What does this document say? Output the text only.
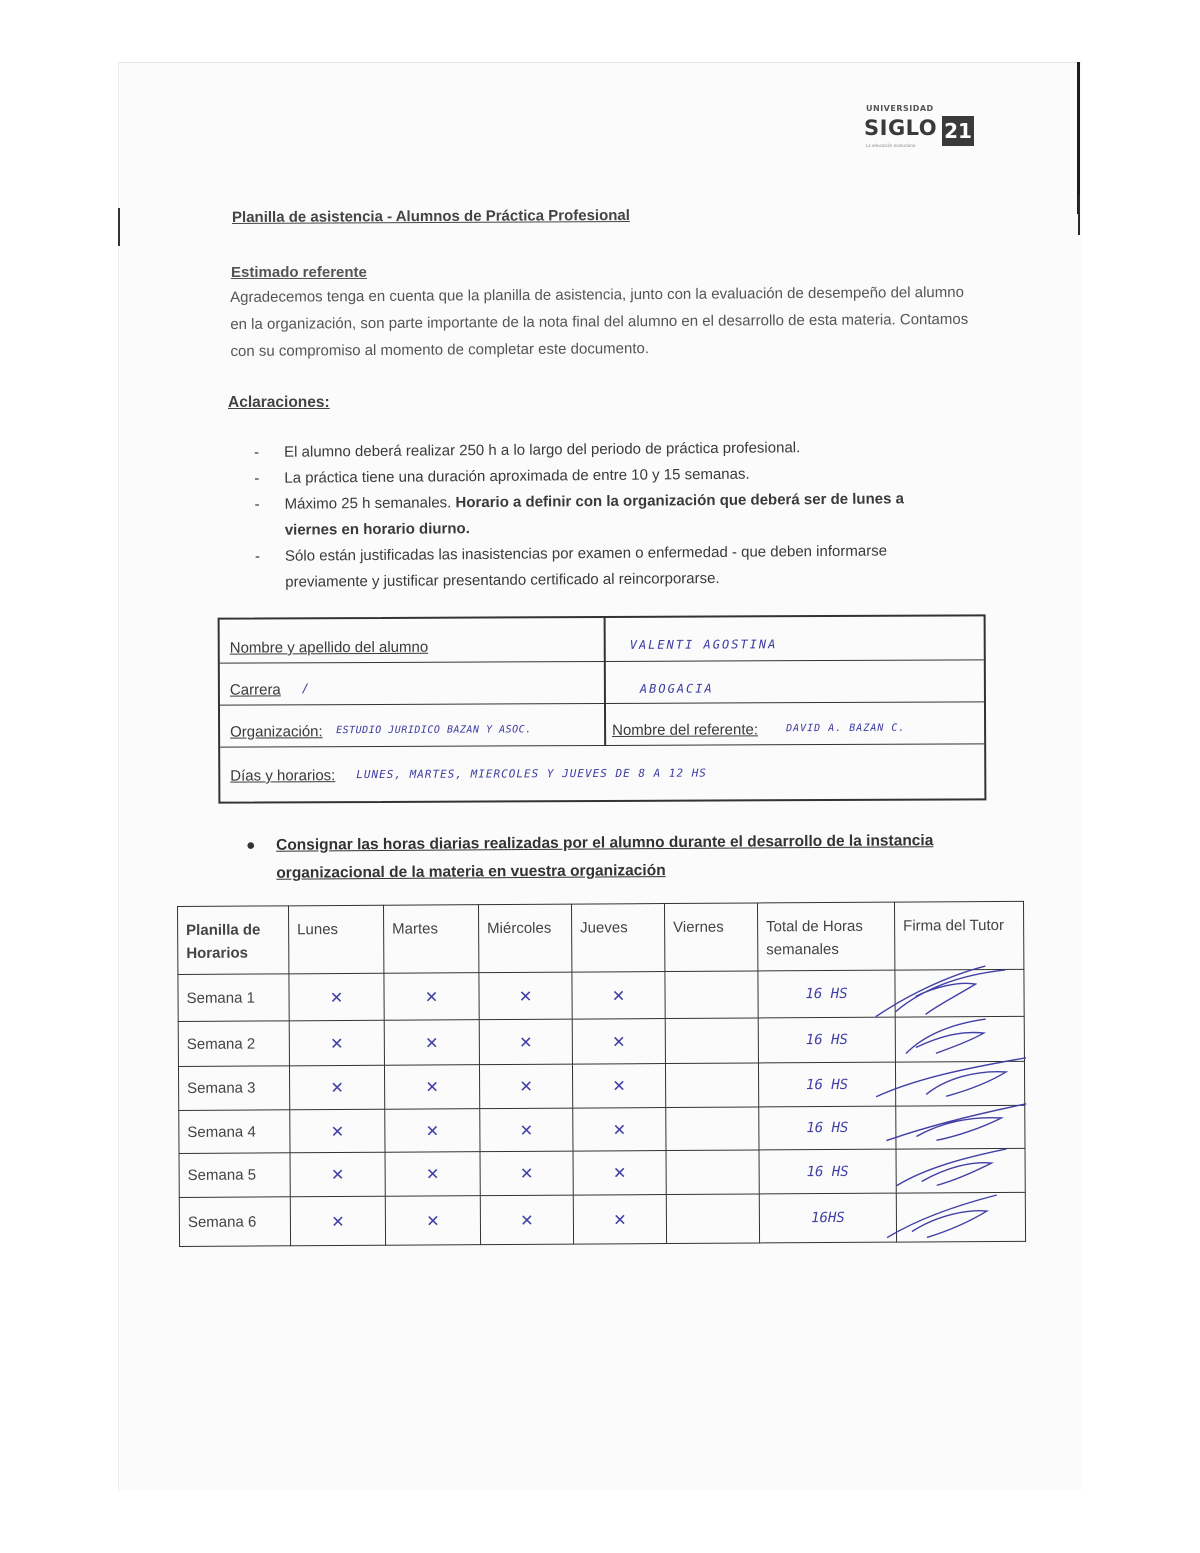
UNIVERSIDAD
SIGLO 21
La educación evoluciona
Planilla de asistencia - Alumnos de Práctica Profesional
Estimado referente
Agradecemos tenga en cuenta que la planilla de asistencia, junto con la evaluación de desempeño del alumno en la organización, son parte importante de la nota final del alumno en el desarrollo de esta materia. Contamos con su compromiso al momento de completar este documento.
Aclaraciones:
- El alumno deberá realizar 250 h a lo largo del periodo de práctica profesional.
- La práctica tiene una duración aproximada de entre 10 y 15 semanas.
- Máximo 25 h semanales. Horario a definir con la organización que deberá ser de lunes a viernes en horario diurno.
- Sólo están justificadas las inasistencias por examen o enfermedad - que deben informarse previamente y justificar presentando certificado al reincorporarse.
Nombre y apellido del alumno	VALENTI AGOSTINA
Carrera /	ABOGACIA
Organización: ESTUDIO JURIDICO BAZAN Y ASOC.	Nombre del referente:	DAVID A. BAZAN C.
Días y horarios: LUNES, MARTES, MIERCOLES Y JUEVES DE 8 A 12 HS
●	Consignar las horas diarias realizadas por el alumno durante el desarrollo de la instancia organizacional de la materia en vuestra organización
Planilla de Horarios	Lunes	Martes	Miércoles	Jueves	Viernes	Total de Horas semanales	Firma del Tutor
Semana 1	✕	✕	✕	✕		16 HS	

Semana 2	✕	✕	✕	✕		16 HS	

Semana 3	✕	✕	✕	✕		16 HS	

Semana 4	✕	✕	✕	✕		16 HS	

Semana 5	✕	✕	✕	✕		16 HS	

Semana 6	✕	✕	✕	✕		16HS	
